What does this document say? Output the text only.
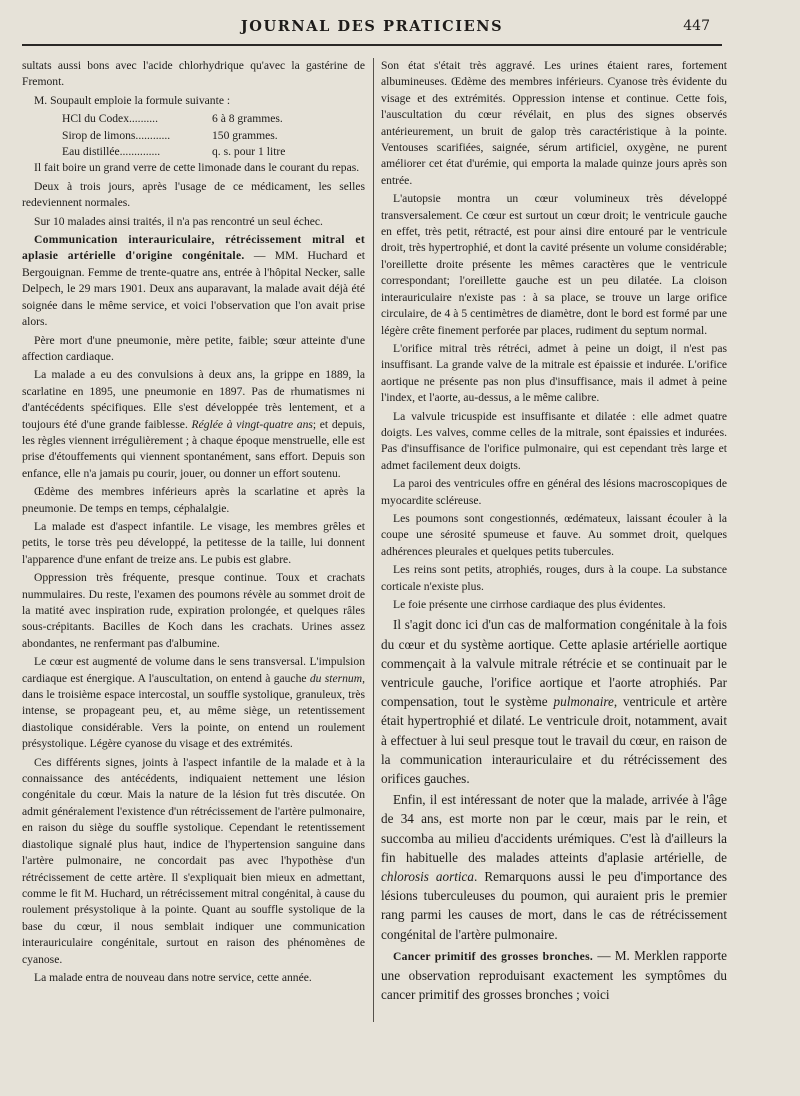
JOURNAL DES PRATICIENS	447

sultats aussi bons avec l'acide chlorhydrique qu'avec la gastérine de Fremont.

M. Soupault emploie la formule suivante :

HCl du Codex..........	6 à 8 grammes.

Sirop de limons............	150 grammes.

Eau distillée..............	q. s. pour 1 litre

Il fait boire un grand verre de cette limonade dans le courant du repas.

Deux à trois jours, après l'usage de ce médicament, les selles redeviennent normales.

Sur 10 malades ainsi traités, il n'a pas rencontré un seul échec.

Communication interauriculaire, rétrécissement mitral et aplasie artérielle d'origine congénitale. — MM. Huchard et Bergouignan. Femme de trente-quatre ans, entrée à l'hôpital Necker, salle Delpech, le 29 mars 1901. Deux ans auparavant, la malade avait déjà été soignée dans le même service, et voici l'observation que l'on avait prise alors.

Père mort d'une pneumonie, mère petite, faible; sœur atteinte d'une affection cardiaque.

La malade a eu des convulsions à deux ans, la grippe en 1889, la scarlatine en 1895, une pneumonie en 1897. Pas de rhumatismes ni d'antécédents spécifiques. Elle s'est développée très lentement, et a toujours été d'une grande faiblesse. Réglée à vingt-quatre ans; et depuis, les règles viennent irrégulièrement ; à chaque époque menstruelle, elle est prise d'étouffements qui viennent spontanément, sans effort. Depuis son enfance, elle n'a jamais pu courir, jouer, ou donner un effort soutenu.

Œdème des membres inférieurs après la scarlatine et après la pneumonie. De temps en temps, céphalalgie.

La malade est d'aspect infantile. Le visage, les membres grêles et petits, le torse très peu développé, la petitesse de la taille, lui donnent l'apparence d'une enfant de treize ans. Le pubis est glabre.

Oppression très fréquente, presque continue. Toux et crachats nummulaires. Du reste, l'examen des poumons révèle au sommet droit de la matité avec inspiration rude, expiration prolongée, et quelques râles sous-crépitants. Bacilles de Koch dans les crachats. Urines assez abondantes, ne renfermant pas d'albumine.

Le cœur est augmenté de volume dans le sens transversal. L'impulsion cardiaque est énergique. A l'auscultation, on entend à gauche du sternum, dans le troisième espace intercostal, un souffle systolique, granuleux, très intense, se propageant peu, et, au même siège, un retentissement diastolique considérable. Vers la pointe, on entend un roulement présystolique. Légère cyanose du visage et des extrémités.

Ces différents signes, joints à l'aspect infantile de la malade et à la connaissance des antécédents, indiquaient nettement une lésion congénitale du cœur. Mais la nature de la lésion fut très discutée. On admit généralement l'existence d'un rétrécissement de l'artère pulmonaire, en raison du siège du souffle systolique. Cependant le retentissement diastolique signalé plus haut, indice de l'hypertension sanguine dans l'artère pulmonaire, ne concordait pas avec l'hypothèse d'un rétrécissement de cette artère. Il s'expliquait bien mieux en admettant, comme le fit M. Huchard, un rétrécissement mitral congénital, à cause du roulement présystolique à la pointe. Quant au souffle systolique de la base du cœur, il nous semblait indiquer une communication interauriculaire congénitale, surtout en raison des phénomènes de cyanose.

La malade entra de nouveau dans notre service, cette année.

Son état s'était très aggravé. Les urines étaient rares, fortement albumineuses. Œdème des membres inférieurs. Cyanose très évidente du visage et des extrémités. Oppression intense et continue. Cette fois, l'auscultation du cœur révélait, en plus des signes observés antérieurement, un bruit de galop très caractéristique à la pointe. Ventouses scarifiées, saignée, sérum artificiel, oxygène, ne purent améliorer cet état d'urémie, qui emporta la malade quinze jours après son entrée.

L'autopsie montra un cœur volumineux très développé transversalement. Ce cœur est surtout un cœur droit; le ventricule gauche en effet, très petit, rétracté, est pour ainsi dire entouré par le ventricule droit, très hypertrophié, et dont la cavité présente un volume considérable; l'oreillette droite présente les mêmes caractères que le ventricule correspondant; l'oreillette gauche est un peu dilatée. La cloison interauriculaire n'existe pas : à sa place, se trouve un large orifice circulaire, de 4 à 5 centimètres de diamètre, dont le bord est formé par une légère crête finement perforée par places, rudiment du septum normal.

L'orifice mitral très rétréci, admet à peine un doigt, il n'est pas insuffisant. La grande valve de la mitrale est épaissie et indurée. L'orifice aortique ne présente pas non plus d'insuffisance, mais il admet à peine l'index, et l'aorte, au-dessus, a le même calibre.

La valvule tricuspide est insuffisante et dilatée : elle admet quatre doigts. Les valves, comme celles de la mitrale, sont épaissies et indurées. Pas d'insuffisance de l'orifice pulmonaire, qui est cependant très large et admet facilement deux doigts.

La paroi des ventricules offre en général des lésions macroscopiques de myocardite scléreuse.

Les poumons sont congestionnés, œdémateux, laissant écouler à la coupe une sérosité spumeuse et fauve. Au sommet droit, quelques adhérences pleurales et quelques petits tubercules.

Les reins sont petits, atrophiés, rouges, durs à la coupe. La substance corticale n'existe plus.

Le foie présente une cirrhose cardiaque des plus évidentes.

Il s'agit donc ici d'un cas de malformation congénitale à la fois du cœur et du système aortique. Cette aplasie artérielle aortique commençait à la valvule mitrale rétrécie et se continuait par le ventricule gauche, l'orifice aortique et l'aorte atrophiés. Par compensation, tout le système pulmonaire, ventricule et artère était hypertrophié et dilaté. Le ventricule droit, notamment, avait à effectuer à lui seul presque tout le travail du cœur, en raison de la communication interauriculaire et du rétrécissement des orifices gauches.

Enfin, il est intéressant de noter que la malade, arrivée à l'âge de 34 ans, est morte non par le cœur, mais par le rein, et succomba au milieu d'accidents urémiques. C'est là d'ailleurs la fin habituelle des malades atteints d'aplasie artérielle, de chlorosis aortica. Remarquons aussi le peu d'importance des lésions tuberculeuses du poumon, qui auraient pris le premier rang parmi les causes de mort, dans le cas de rétrécissement congénital de l'artère pulmonaire.

Cancer primitif des grosses bronches. — M. Merklen rapporte une observation reproduisant exactement les symptômes du cancer primitif des grosses bronches ; voici
